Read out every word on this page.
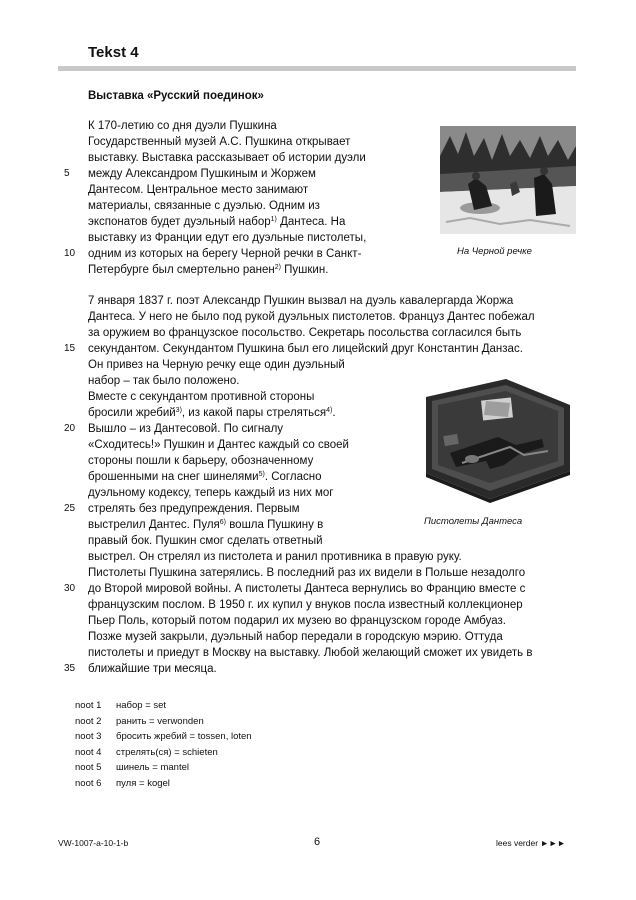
Tekst 4
Выставка «Русский поединок»
К 170-летию со дня дуэли Пушкина
Государственный музей А.С. Пушкина открывает
выставку. Выставка рассказывает об истории дуэли
между Александром Пушкиным и Жоржем
Дантесом. Центральное место занимают
материалы, связанные с дуэлью. Одним из
экспонатов будет дуэльный набор$^{1)}$ Дантеса. На
выставку из Франции едут его дуэльные пистолеты,
одним из которых на берегу Черной речки в Санкт-
Петербурге был смертельно ранен$^{2)}$ Пушкин.
7 января 1837 г. поэт Александр Пушкин вызвал на дуэль кавалергарда Жоржа
Дантеса. У него не было под рукой дуэльных пистолетов. Француз Дантес побежал
за оружием во французское посольство. Секретарь посольства согласился быть
секундантом. Секундантом Пушкина был его лицейский друг Константин Данзас.
Он привез на Черную речку еще один дуэльный
набор – так было положено.
Вместе с секундантом противной стороны
бросили жребий$^{3)}$, из какой пары стреляться$^{4)}$.
Вышло – из Дантесовой. По сигналу
«Сходитесь!» Пушкин и Дантес каждый со своей
стороны пошли к барьеру, обозначенному
брошенными на снег шинелями$^{5)}$. Согласно
дуэльному кодексу, теперь каждый из них мог
стрелять без предупреждения. Первым
выстрелил Дантес. Пуля$^{6)}$ вошла Пушкину в
правый бок. Пушкин смог сделать ответный
выстрел. Он стрелял из пистолета и ранил противника в правую руку.
Пистолеты Пушкина затерялись. В последний раз их видели в Польше незадолго
до Второй мировой войны. А пистолеты Дантеса вернулись во Францию вместе с
французским послом. В 1950 г. их купил у внуков посла известный коллекционер
Пьер Поль, который потом подарил их музею во французском городе Амбуаз.
Позже музей закрыли, дуэльный набор передали в городскую мэрию. Оттуда
пистолеты и приедут в Москву на выставку. Любой желающий сможет их увидеть в
ближайшие три месяца.
5
10
15
20
25
30
35
На Черной речке
Пистолеты Дантеса
noot 1	набор = set
noot 2	ранить = verwonden
noot 3	бросить жребий = tossen, loten
noot 4	стрелять(ся) = schieten
noot 5	шинель = mantel
noot 6	пуля = kogel
VW-1007-a-10-1-b	6	lees verder ►►►
